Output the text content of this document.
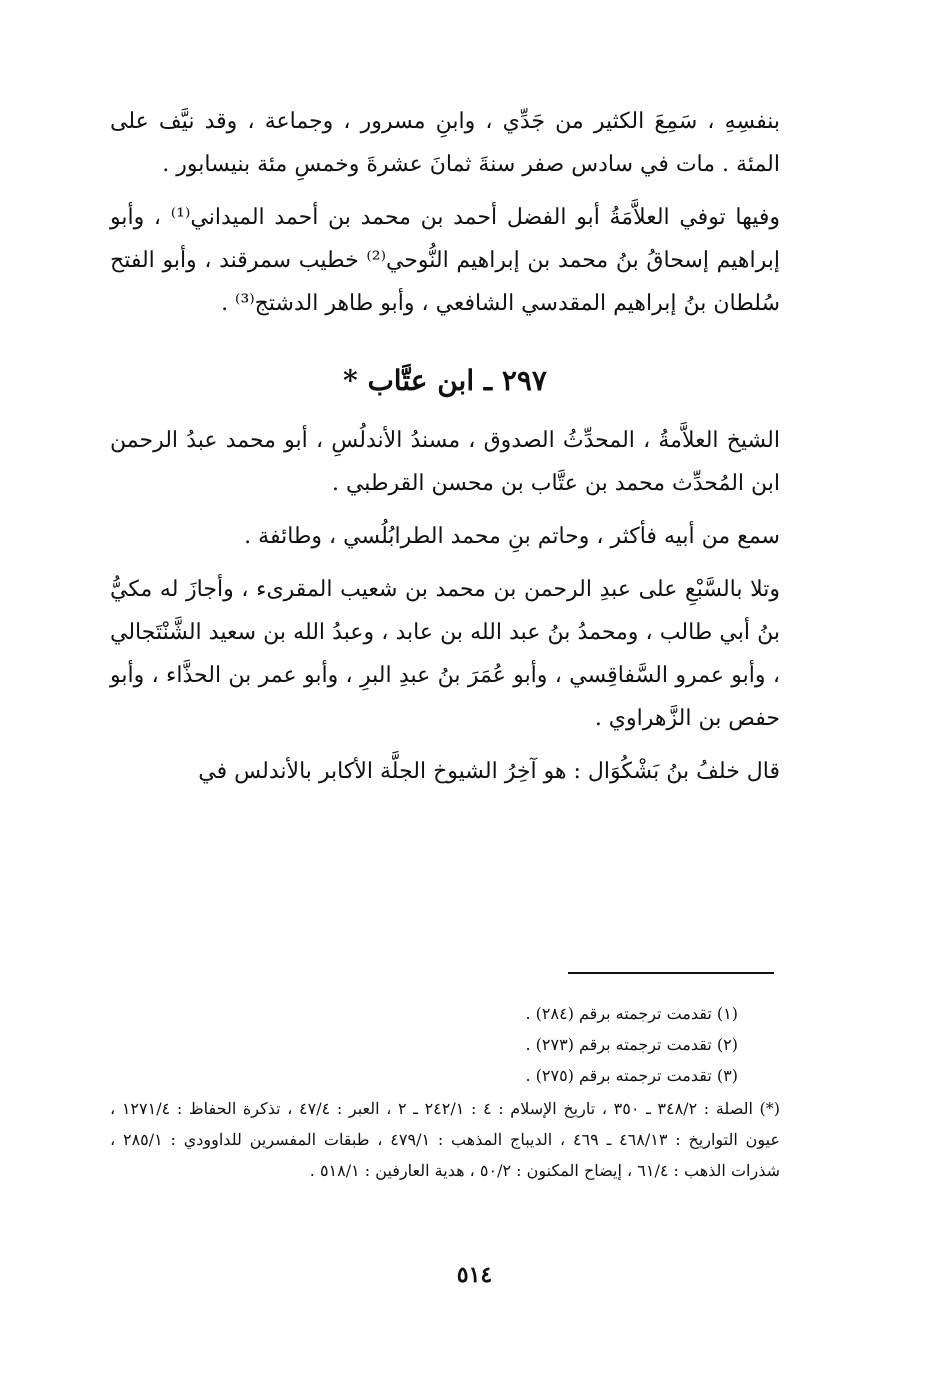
بنفسِهِ ، سَمِعَ الكثير من جَدِّي ، وابنِ مسرور ، وجماعة ، وقد نيَّف على المئة . مات في سادس صفر سنةَ ثمانَ عشرةَ وخمسِ مئة بنيسابور .

وفيها توفي العلاَّمَةُ أبو الفضل أحمد بن محمد بن أحمد الميداني⁽¹⁾ ، وأبو إبراهيم إسحاقُ بنُ محمد بن إبراهيم النُّوحي⁽²⁾ خطيب سمرقند ، وأبو الفتح سُلطان بنُ إبراهيم المقدسي الشافعي ، وأبو طاهر الدشتج⁽³⁾ .

٢٩٧ ـ ابن عتَّاب *

الشيخ العلاَّمةُ ، المحدِّثُ الصدوق ، مسندُ الأندلُسِ ، أبو محمد عبدُ الرحمن ابن المُحدِّث محمد بن عتَّاب بن محسن القرطبي .

سمع من أبيه فأكثر ، وحاتم بنِ محمد الطرابُلُسي ، وطائفة .

وتلا بالسَّبْعِ على عبدِ الرحمن بن محمد بن شعيب المقرىء ، وأجازَ له مكيُّ بنُ أبي طالب ، ومحمدُ بنُ عبد الله بن عابد ، وعبدُ الله بن سعيد الشَّنْتَجالي ، وأبو عمرو السَّفاقِسي ، وأبو عُمَرَ بنُ عبدِ البرِ ، وأبو عمر بن الحذَّاء ، وأبو حفص بن الزَّهراوي .

قال خلفُ بنُ بَشْكُوَال : هو آخِرُ الشيوخ الجلَّة الأكابر بالأندلس في

(١) تقدمت ترجمته برقم (٢٨٤) .

(٢) تقدمت ترجمته برقم (٢٧٣) .

(٣) تقدمت ترجمته برقم (٢٧٥) .

(*) الصلة : ٣٤٨/٢ ـ ٣٥٠ ، تاريخ الإسلام : ٤ : ٢٤٢/١ ـ ٢ ، العبر : ٤٧/٤ ، تذكرة الحفاظ : ١٢٧١/٤ ، عيون التواريخ : ٤٦٨/١٣ ـ ٤٦٩ ، الديباج المذهب : ٤٧٩/١ ، طبقات المفسرين للداوودي : ٢٨٥/١ ، شذرات الذهب : ٦١/٤ ، إيضاح المكنون : ٥٠/٢ ، هدية العارفين : ٥١٨/١ .

٥١٤
